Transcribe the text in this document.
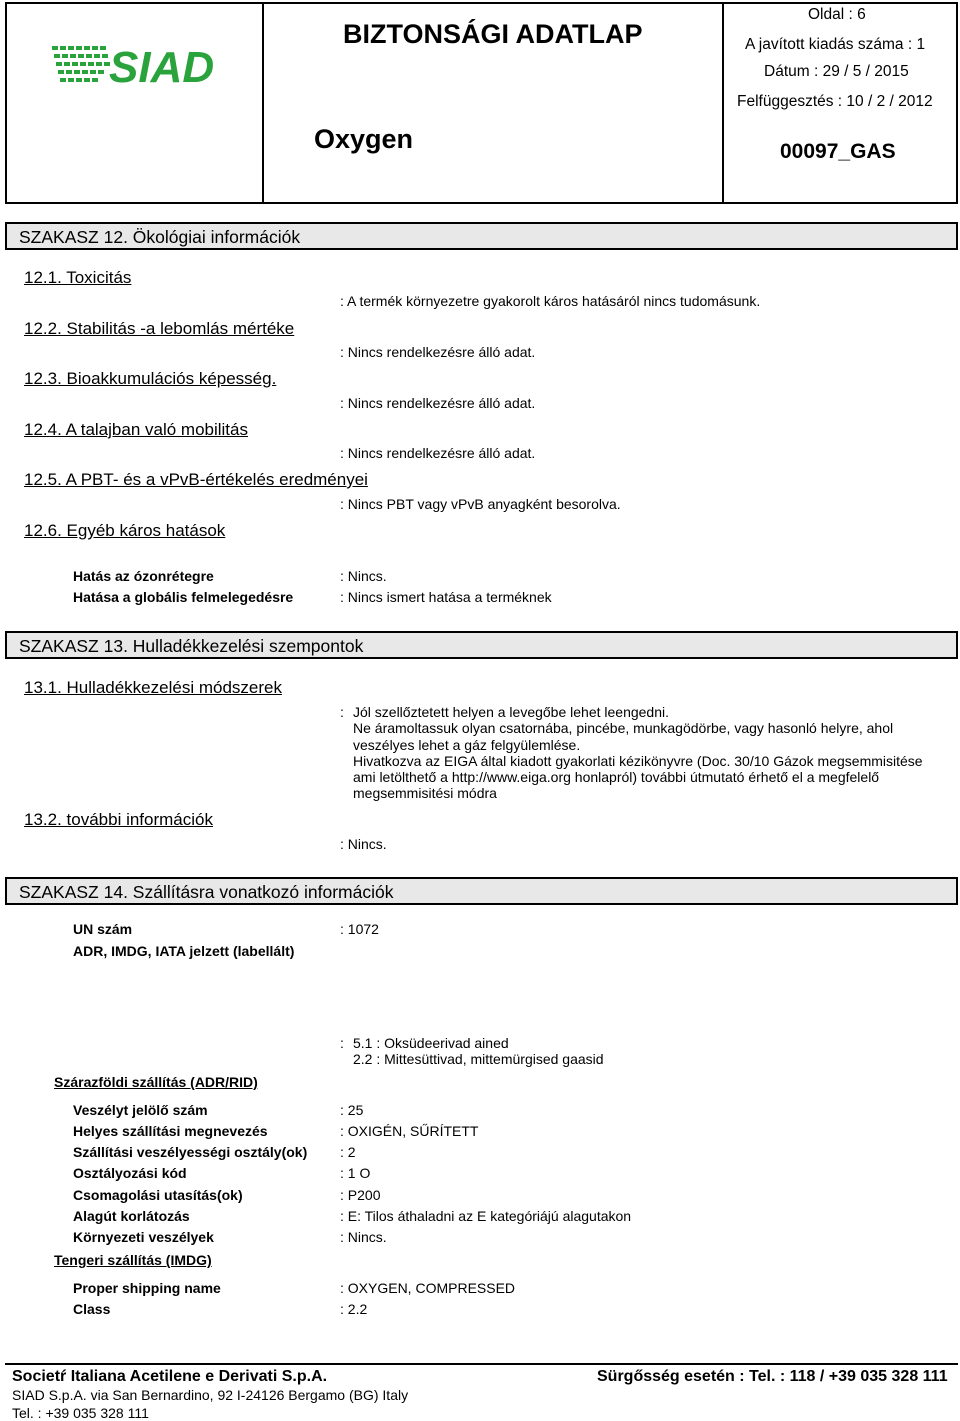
SIAD
BIZTONSÁGI ADATLAP
Oxygen
Oldal : 6
A javított kiadás száma : 1
Dátum : 29 / 5 / 2015
Felfüggesztés : 10 / 2 / 2012
00097_GAS
SZAKASZ 12. Ökológiai információk
12.1. Toxicitás
: A termék környezetre gyakorolt káros hatásáról nincs tudomásunk.
12.2. Stabilitás -a lebomlás mértéke
: Nincs rendelkezésre álló adat.
12.3. Bioakkumulációs képesség.
: Nincs rendelkezésre álló adat.
12.4. A talajban való mobilitás
: Nincs rendelkezésre álló adat.
12.5. A PBT- és a vPvB-értékelés eredményei
: Nincs PBT vagy vPvB anyagként besorolva.
12.6. Egyéb káros hatások
Hatás az ózonrétegre	: Nincs.
Hatása a globális felmelegedésre	: Nincs ismert hatása a terméknek
SZAKASZ 13. Hulladékkezelési szempontok
13.1. Hulladékkezelési módszerek
: Jól szellőztetett helyen a levegőbe lehet leengedni.
Ne áramoltassuk olyan csatornába, pincébe, munkagödörbe, vagy hasonló helyre, ahol
veszélyes lehet a gáz felgyülemlése.
Hivatkozva az EIGA által kiadott gyakorlati kézikönyvre (Doc. 30/10 Gázok megsemmisitése
ami letölthető a http://www.eiga.org honlapról) további útmutató érhető el a megfelelő
megsemmisitési módra
13.2. további információk
: Nincs.
SZAKASZ 14. Szállításra vonatkozó információk
UN szám	: 1072
ADR, IMDG, IATA jelzett (labellált)
: 5.1 : Oksüdeerivad ained
2.2 : Mittesüttivad, mittemürgised gaasid
Szárazföldi szállítás (ADR/RID)
Veszélyt jelölő szám	: 25
Helyes szállítási megnevezés	: OXIGÉN, SŰRÍTETT
Szállítási veszélyességi osztály(ok) : 2
Osztályozási kód	: 1 O
Csomagolási utasítás(ok)	: P200
Alagút korlátozás	: E: Tilos áthaladni az E kategóriájú alagutakon
Környezeti veszélyek	: Nincs.
Tengeri szállítás (IMDG)
Proper shipping name	: OXYGEN, COMPRESSED
Class	: 2.2
Societŕ Italiana Acetilene e Derivati S.p.A.	Sürgősség esetén : Tel. : 118 / +39 035 328 111
SIAD S.p.A. via San Bernardino, 92 I-24126 Bergamo (BG) Italy
Tel. : +39 035 328 111
